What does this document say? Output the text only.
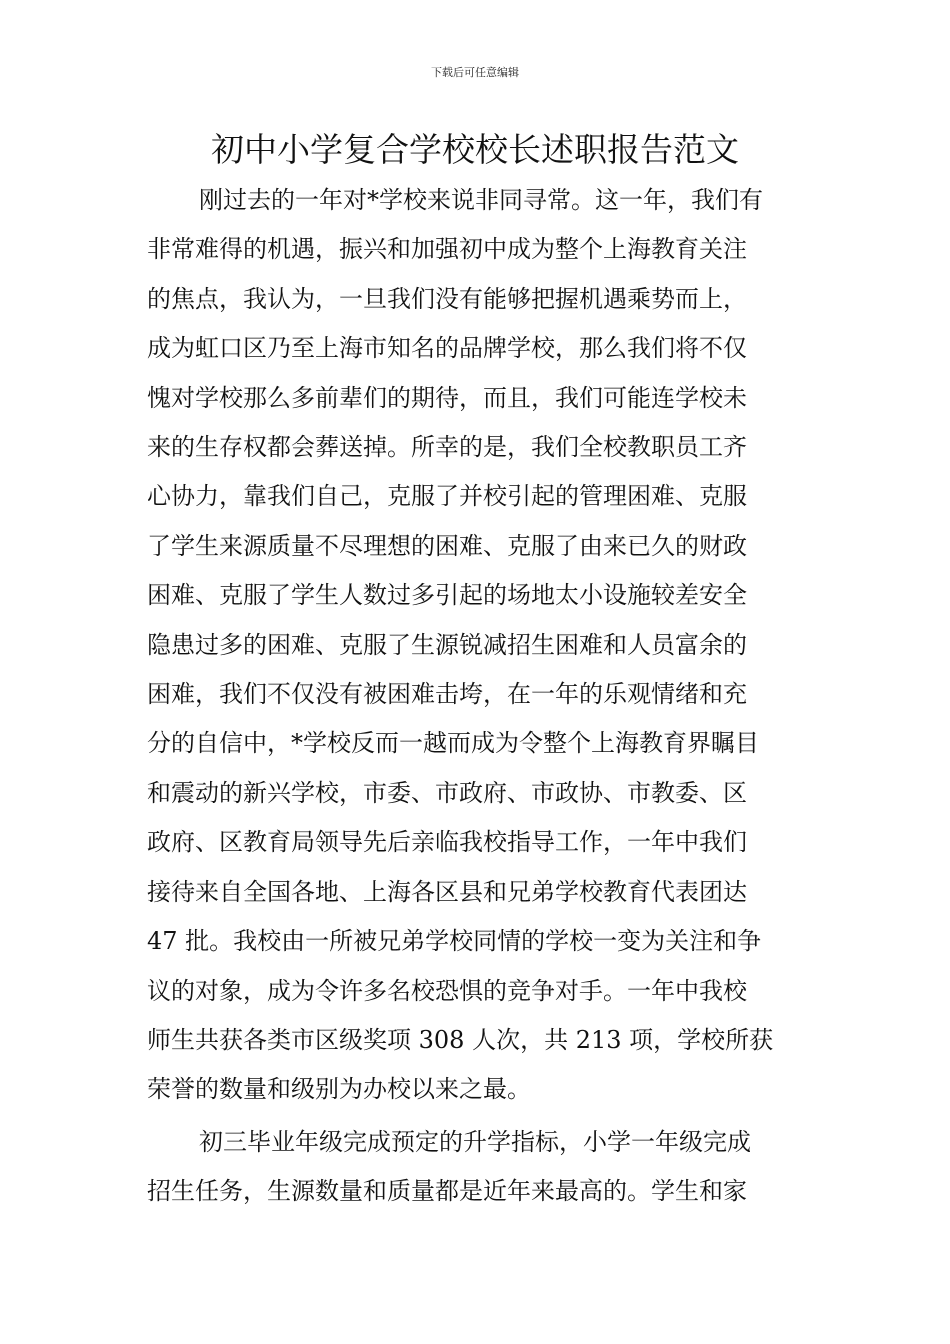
下载后可任意编辑
初中小学复合学校校长述职报告范文
刚过去的一年对*学校来说非同寻常。这一年，我们有
非常难得的机遇，振兴和加强初中成为整个上海教育关注
的焦点，我认为，一旦我们没有能够把握机遇乘势而上，
成为虹口区乃至上海市知名的品牌学校，那么我们将不仅
愧对学校那么多前辈们的期待，而且，我们可能连学校未
来的生存权都会葬送掉。所幸的是，我们全校教职员工齐
心协力，靠我们自己，克服了并校引起的管理困难、克服
了学生来源质量不尽理想的困难、克服了由来已久的财政
困难、克服了学生人数过多引起的场地太小设施较差安全
隐患过多的困难、克服了生源锐减招生困难和人员富余的
困难，我们不仅没有被困难击垮，在一年的乐观情绪和充
分的自信中，*学校反而一越而成为令整个上海教育界瞩目
和震动的新兴学校，市委、市政府、市政协、市教委、区
政府、区教育局领导先后亲临我校指导工作，一年中我们
接待来自全国各地、上海各区县和兄弟学校教育代表团达
47 批。我校由一所被兄弟学校同情的学校一变为关注和争
议的对象，成为令许多名校恐惧的竞争对手。一年中我校
师生共获各类市区级奖项 308 人次，共 213 项，学校所获
荣誉的数量和级别为办校以来之最。
初三毕业年级完成预定的升学指标，小学一年级完成
招生任务，生源数量和质量都是近年来最高的。学生和家
